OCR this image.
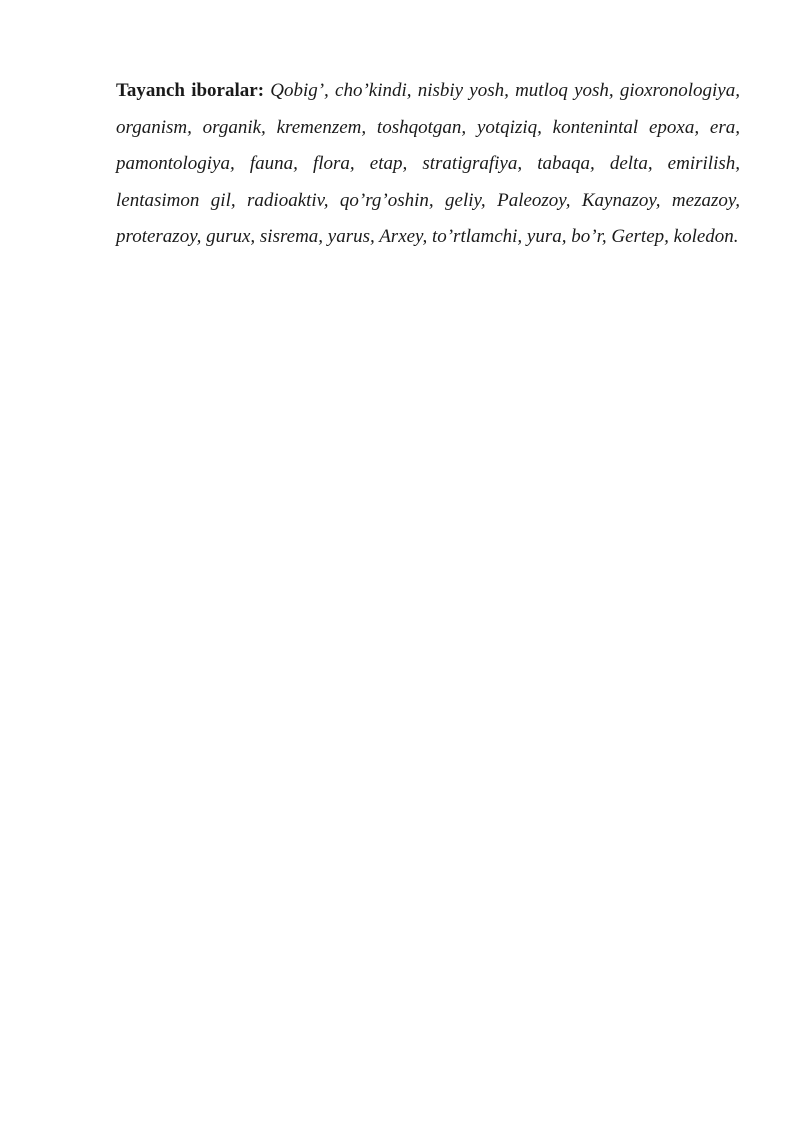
Tayanch iboralar: Qobig’, cho’kindi, nisbiy yosh, mutloq yosh, gioxronologiya, organism, organik, kremenzem, toshqotgan, yotqiziq, kontenintal epoxa, era, pamontologiya, fauna, flora, etap, stratigrafiya, tabaqa, delta, emirilish, lentasimon gil, radioaktiv, qo’rg’oshin, geliy, Paleozoy, Kaynazoy, mezazoy, proterazoy, gurux, sisrema, yarus, Arxey, to’rtlamchi, yura, bo’r, Gertep, koledon.
